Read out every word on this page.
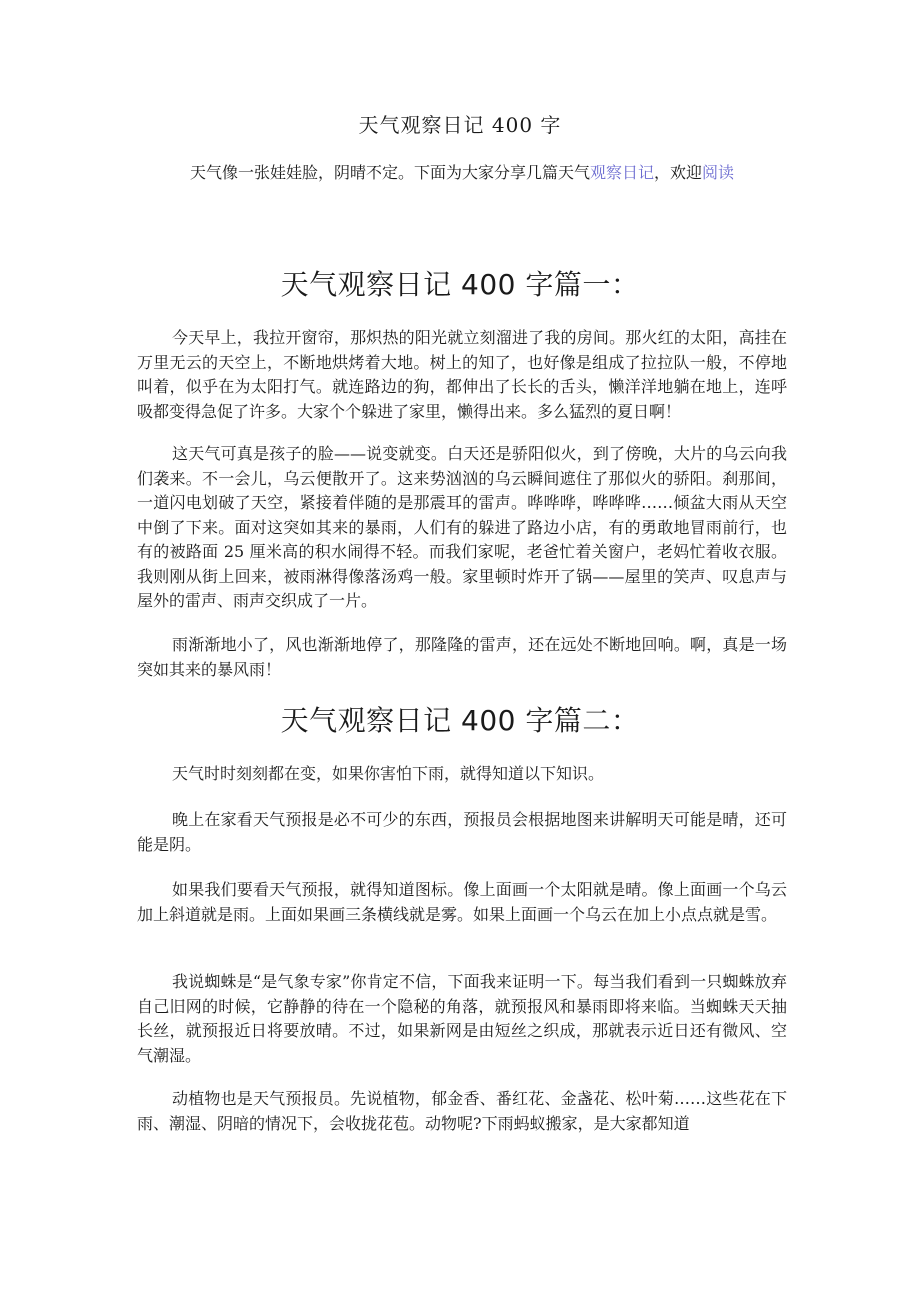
天气观察日记 400 字

天气像一张娃娃脸，阴晴不定。下面为大家分享几篇天气观察日记，欢迎阅读

天气观察日记 400 字篇一：

今天早上，我拉开窗帘，那炽热的阳光就立刻溜进了我的房间。那火红的太阳，高挂在万里无云的天空上，不断地烘烤着大地。树上的知了，也好像是组成了拉拉队一般，不停地叫着，似乎在为太阳打气。就连路边的狗，都伸出了长长的舌头，懒洋洋地躺在地上，连呼吸都变得急促了许多。大家个个躲进了家里，懒得出来。多么猛烈的夏日啊！

这天气可真是孩子的脸——说变就变。白天还是骄阳似火，到了傍晚，大片的乌云向我们袭来。不一会儿，乌云便散开了。这来势汹汹的乌云瞬间遮住了那似火的骄阳。刹那间，一道闪电划破了天空，紧接着伴随的是那震耳的雷声。哗哗哗，哗哗哗……倾盆大雨从天空中倒了下来。面对这突如其来的暴雨，人们有的躲进了路边小店，有的勇敢地冒雨前行，也有的被路面 25 厘米高的积水闹得不轻。而我们家呢，老爸忙着关窗户，老妈忙着收衣服。我则刚从街上回来，被雨淋得像落汤鸡一般。家里顿时炸开了锅——屋里的笑声、叹息声与屋外的雷声、雨声交织成了一片。

雨渐渐地小了，风也渐渐地停了，那隆隆的雷声，还在远处不断地回响。啊，真是一场突如其来的暴风雨！

天气观察日记 400 字篇二：

天气时时刻刻都在变，如果你害怕下雨，就得知道以下知识。

晚上在家看天气预报是必不可少的东西，预报员会根据地图来讲解明天可能是晴，还可能是阴。

如果我们要看天气预报，就得知道图标。像上面画一个太阳就是晴。像上面画一个乌云加上斜道就是雨。上面如果画三条横线就是雾。如果上面画一个乌云在加上小点点就是雪。

我说蜘蛛是“是气象专家”你肯定不信，下面我来证明一下。每当我们看到一只蜘蛛放弃自己旧网的时候，它静静的待在一个隐秘的角落，就预报风和暴雨即将来临。当蜘蛛天天抽长丝，就预报近日将要放晴。不过，如果新网是由短丝之织成，那就表示近日还有微风、空气潮湿。

动植物也是天气预报员。先说植物，郁金香、番红花、金盏花、松叶菊……这些花在下雨、潮湿、阴暗的情况下，会收拢花苞。动物呢?下雨蚂蚁搬家，是大家都知道
